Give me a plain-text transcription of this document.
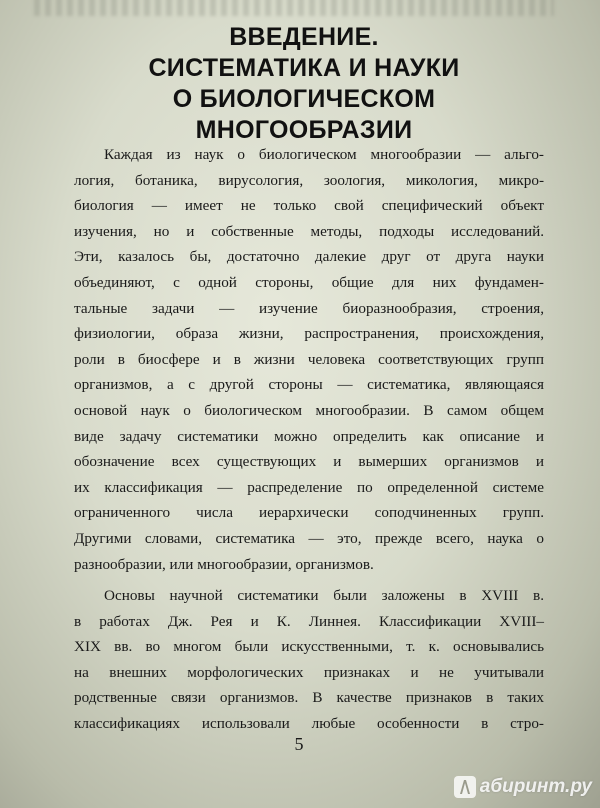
ВВЕДЕНИЕ.
СИСТЕМАТИКА И НАУКИ
О БИОЛОГИЧЕСКОМ
МНОГООБРАЗИИ
Каждая из наук о биологическом многообразии — альго-
логия, ботаника, вирусология, зоология, микология, микро-
биология — имеет не только свой специфический объект
изучения, но и собственные методы, подходы исследований.
Эти, казалось бы, достаточно далекие друг от друга науки
объединяют, с одной стороны, общие для них фундамен-
тальные задачи — изучение биоразнообразия, строения,
физиологии, образа жизни, распространения, происхождения,
роли в биосфере и в жизни человека соответствующих групп
организмов, а с другой стороны — систематика, являющаяся
основой наук о биологическом многообразии. В самом общем
виде задачу систематики можно определить как описание и
обозначение всех существующих и вымерших организмов и
их классификация — распределение по определенной системе
ограниченного числа иерархически соподчиненных групп.
Другими словами, систематика — это, прежде всего, наука о
разнообразии, или многообразии, организмов.
Основы научной систематики были заложены в XVIII в.
в работах Дж. Рея и К. Линнея. Классификации XVIII–
XIX вв. во многом были искусственными, т. к. основывались
на внешних морфологических признаках и не учитывали
родственные связи организмов. В качестве признаков в таких
классификациях использовали любые особенности в стро-
5
абиринт.ру
